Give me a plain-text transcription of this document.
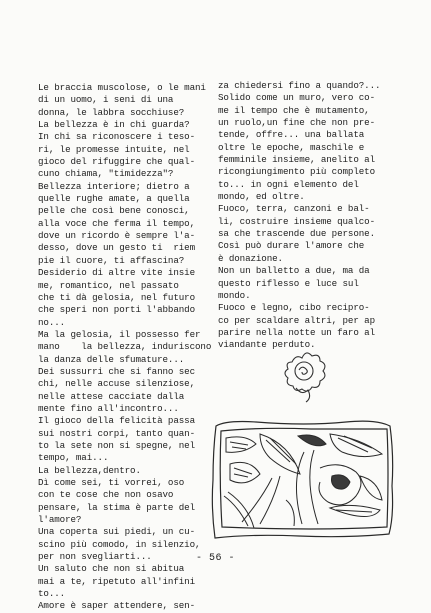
Le braccia muscolose, o le mani
di un uomo, i seni di una
donna, le labbra socchiuse?
La bellezza è in chi guarda?
In chi sa riconoscere i teso-
ri, le promesse intuite, nel
gioco del rifuggire che qual-
cuno chiama, "timidezza"?
Bellezza interiore; dietro a
quelle rughe amate, a quella
pelle che così bene conosci,
alla voce che ferma il tempo,
dove un ricordo è sempre l'a-
desso, dove un gesto ti  riem
pie il cuore, ti affascina?
Desiderio di altre vite insie
me, romantico, nel passato
che ti dà gelosia, nel futuro
che speri non porti l'abbando
no...
Ma la gelosia, il possesso fer
mano    la bellezza, induriscono
la danza delle sfumature...
Dei sussurri che si fanno sec
chi, nelle accuse silenziose,
nelle attese cacciate dalla
mente fino all'incontro...
Il gioco della felicità passa
sui nostri corpi, tanto quan-
to la sete non si spegne, nel
tempo, mai...
La bellezza,dentro.
Dì come sei, ti vorrei, oso
con te cose che non osavo
pensare, la stima è parte del
l'amore?
Una coperta sui piedi, un cu-
scino più comodo, in silenzio,
per non svegliarti...
Un saluto che non si abitua
mai a te, ripetuto all'infini
to...
Amore è saper attendere, sen-
za chiedersi fino a quando?...
Solido come un muro, vero co-
me il tempo che è mutamento,
un ruolo,un fine che non pre-
tende, offre... una ballata
oltre le epoche, maschile e
femminile insieme, anelito al
ricongiungimento più completo
to... in ogni elemento del
mondo, ed oltre.
Fuoco, terra, canzoni e bal-
li, costruire insieme qualco-
sa che trascende due persone.
Così può durare l'amore che
è donazione.
Non un balletto a due, ma da
questo riflesso e luce sul
mondo.
Fuoco e legno, cibo recipro-
co per scaldare altri, per ap
parire nella notte un faro al
viandante perduto.
- 56 -
